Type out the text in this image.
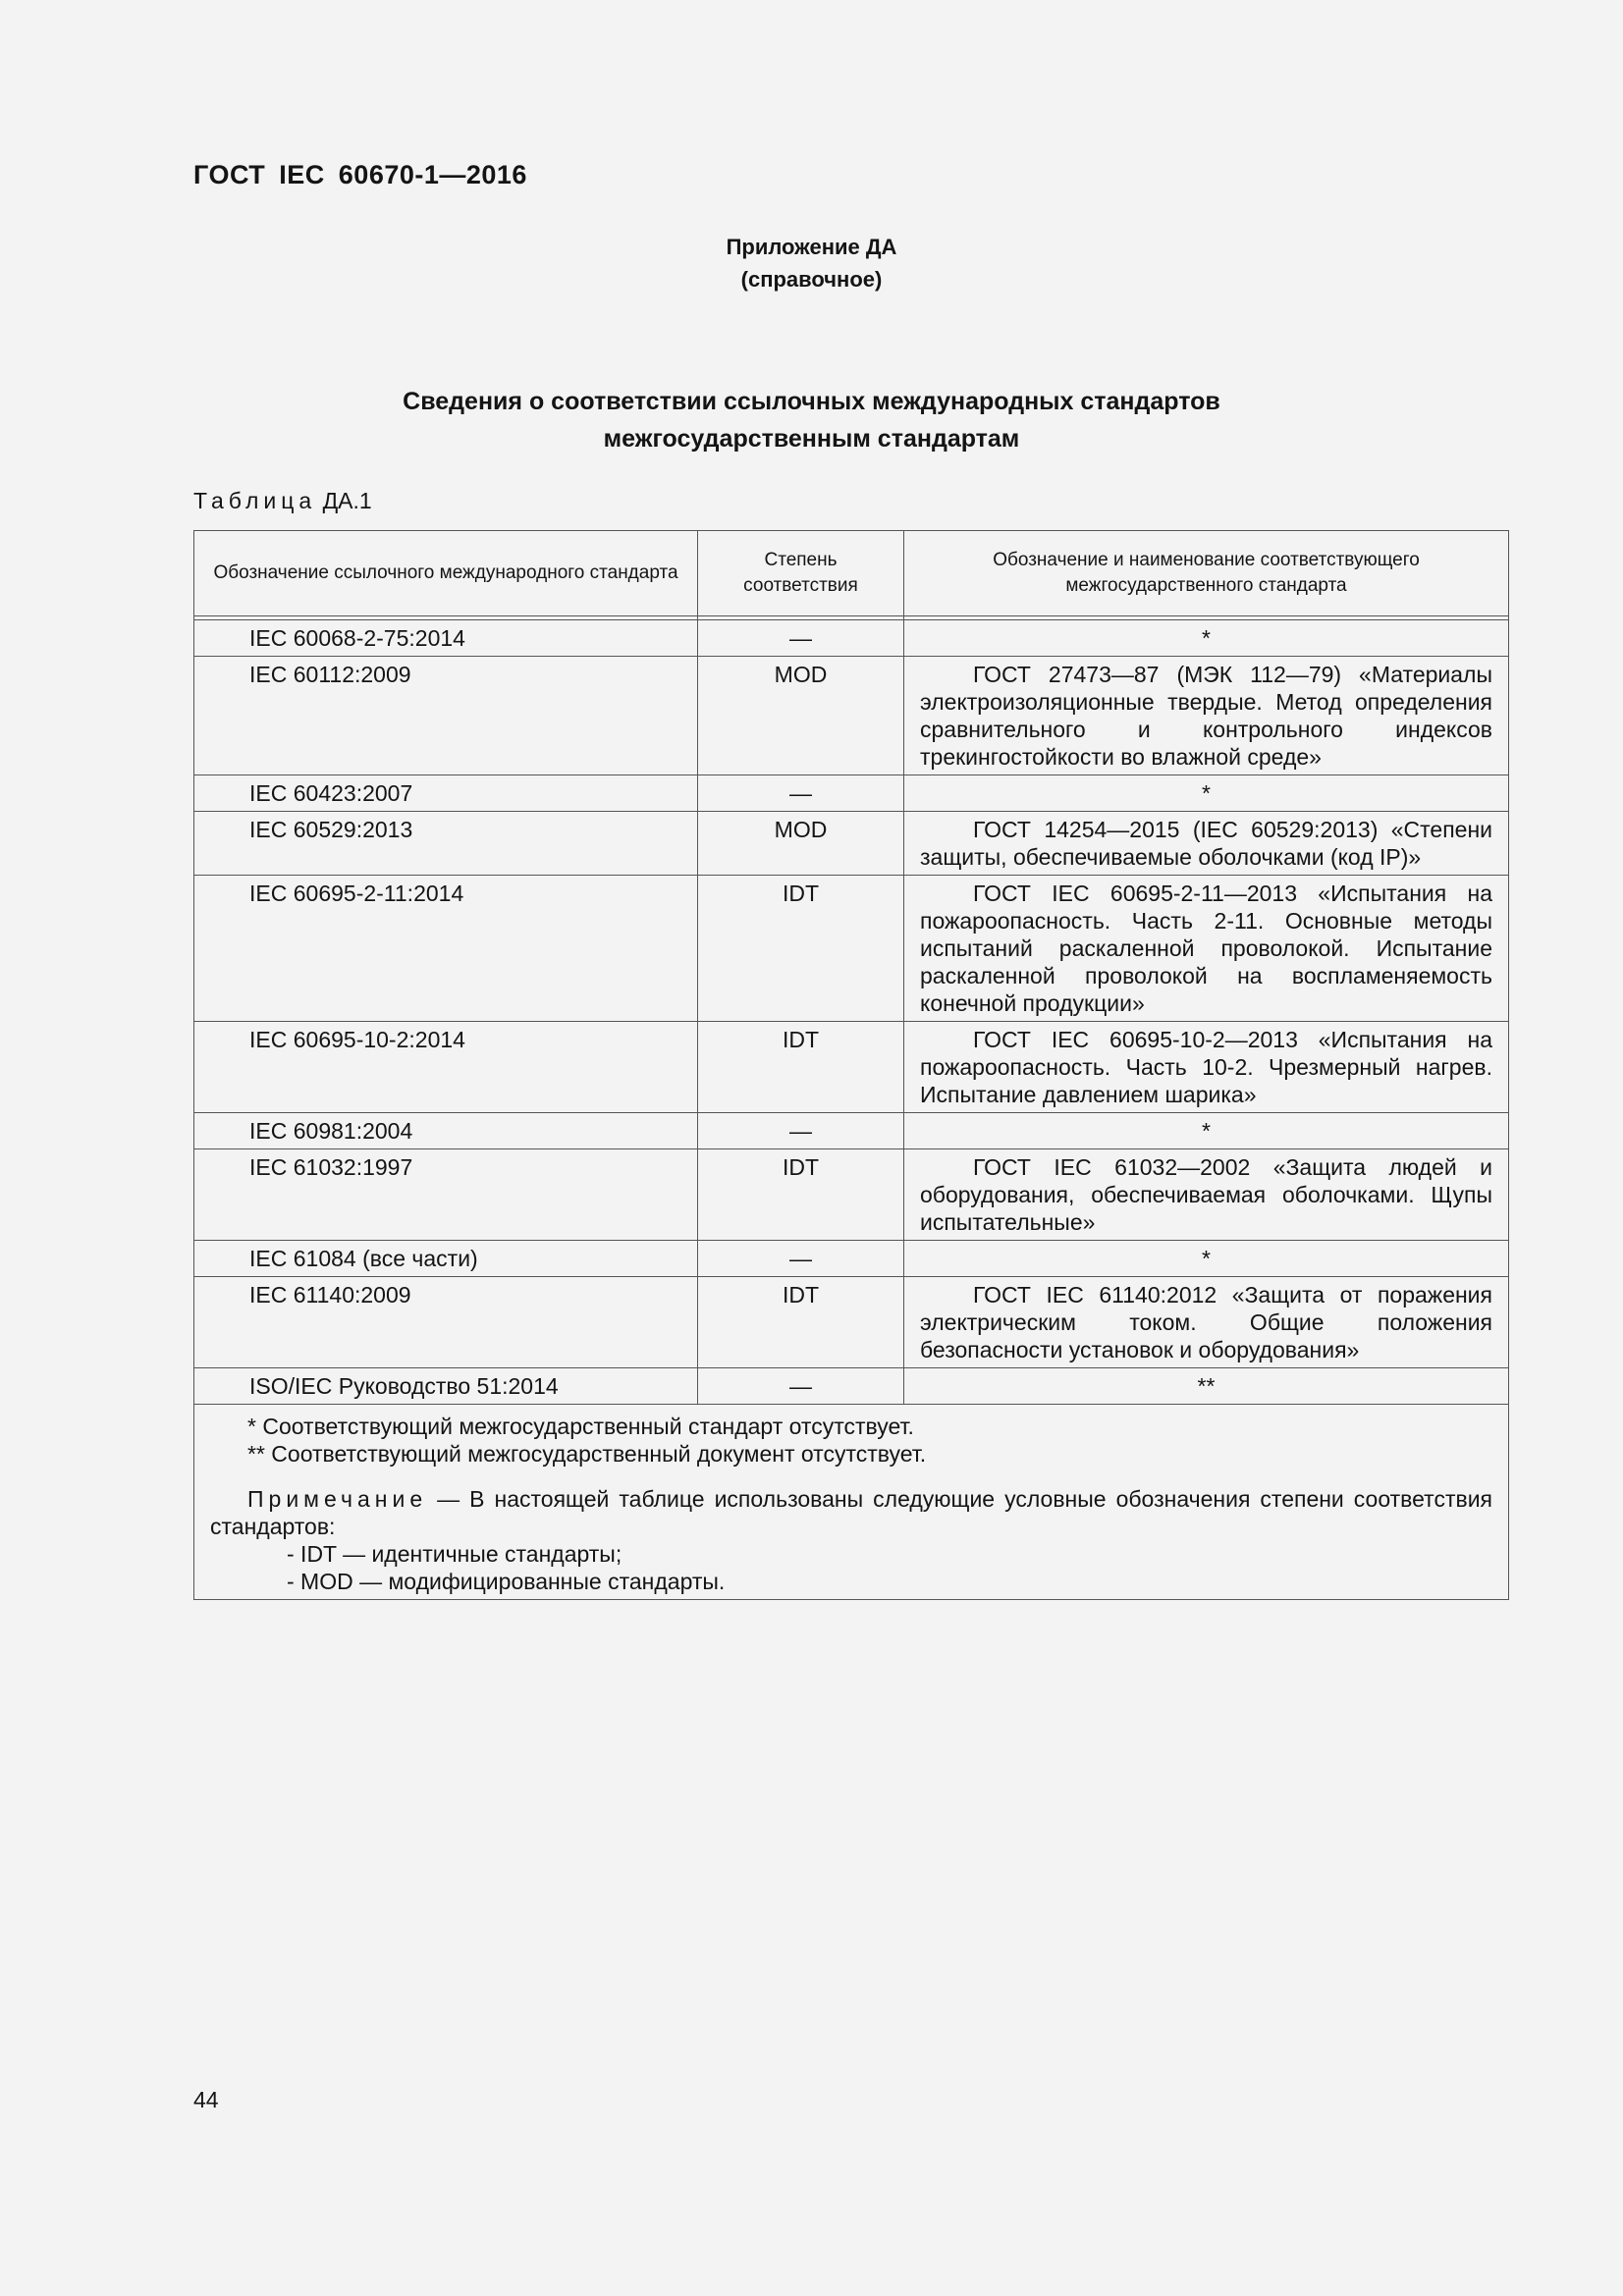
ГОСТ IEC 60670-1—2016
Приложение ДА
(справочное)
Сведения о соответствии ссылочных международных стандартов
межгосударственным стандартам
Таблица ДА.1
Обозначение ссылочного международного стандарта	Степень соответствия	Обозначение и наименование соответствующего межгосударственного стандарта

IEC 60068-2-75:2014	—	*
IEC 60112:2009	MOD	ГОСТ 27473—87 (МЭК 112—79) «Материалы электроизоляционные твердые. Метод определения сравнительного и контрольного индексов трекингостойкости во влажной среде»
IEC 60423:2007	—	*
IEC 60529:2013	MOD	ГОСТ 14254—2015 (IEC 60529:2013) «Степени защиты, обеспечиваемые оболочками (код IP)»
IEC 60695-2-11:2014	IDT	ГОСТ IEC 60695-2-11—2013 «Испытания на пожароопасность. Часть 2-11. Основные методы испытаний раскаленной проволокой. Испытание раскаленной проволокой на воспламеняемость конечной продукции»
IEC 60695-10-2:2014	IDT	ГОСТ IEC 60695-10-2—2013 «Испытания на пожароопасность. Часть 10-2. Чрезмерный нагрев. Испытание давлением шарика»
IEC 60981:2004	—	*
IEC 61032:1997	IDT	ГОСТ IEC 61032—2002 «Защита людей и оборудования, обеспечиваемая оболочками. Щупы испытательные»
IEC 61084 (все части)	—	*
IEC 61140:2009	IDT	ГОСТ IEC 61140:2012 «Защита от поражения электрическим током. Общие положения безопасности установок и оборудования»
ISO/IEC Руководство 51:2014	—	**

* Соответствующий межгосударственный стандарт отсутствует.
** Соответствующий межгосударственный документ отсутствует.
Примечание — В настоящей таблице использованы следующие условные обозначения степени соответствия стандартов:
- IDT — идентичные стандарты;
- MOD — модифицированные стандарты.		
44
